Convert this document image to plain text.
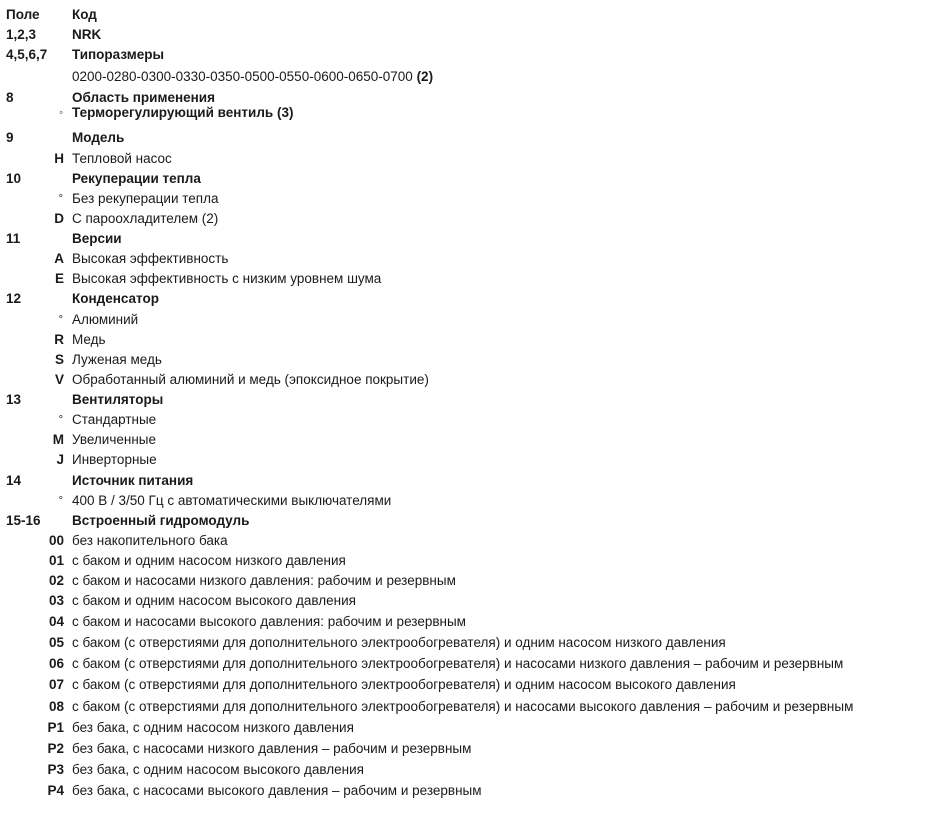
Поле Код
1,2,3	NRK
4,5,6,7 Типоразмеры
0200-0280-0300-0330-0350-0500-0550-0600-0650-0700 (2)
8	Область применения
◦ Терморегулирующий вентиль (3)
9	Модель
H Тепловой насос
10	Рекуперации тепла
° Без рекуперации тепла
D С пароохладителем (2)
11	Версии
A Высокая эффективность
E Высокая эффективность с низким уровнем шума
12	Конденсатор
° Алюминий
R Медь
S Луженая медь
V Обработанный алюминий и медь (эпоксидное покрытие)
13	Вентиляторы
° Стандартные
M Увеличенные
J Инверторные
14	Источник питания
° 400 В / 3/50 Гц с автоматическими выключателями
15-16 Встроенный гидромодуль
00 без накопительного бака
01 с баком и одним насосом низкого давления
02 с баком и насосами низкого давления: рабочим и резервным
03 с баком и одним насосом высокого давления
04 с баком и насосами высокого давления: рабочим и резервным
05 с баком (с отверстиями для дополнительного электрообогревателя) и одним насосом низкого давления
06 с баком (с отверстиями для дополнительного электрообогревателя) и насосами низкого давления – рабочим и резервным
07 с баком (с отверстиями для дополнительного электрообогревателя) и одним насосом высокого давления
08 с баком (с отверстиями для дополнительного электрообогревателя) и насосами высокого давления – рабочим и резервным
P1 без бака, с одним насосом низкого давления
P2 без бака, с насосами низкого давления – рабочим и резервным
P3 без бака, с одним насосом высокого давления
P4 без бака, с насосами высокого давления – рабочим и резервным
